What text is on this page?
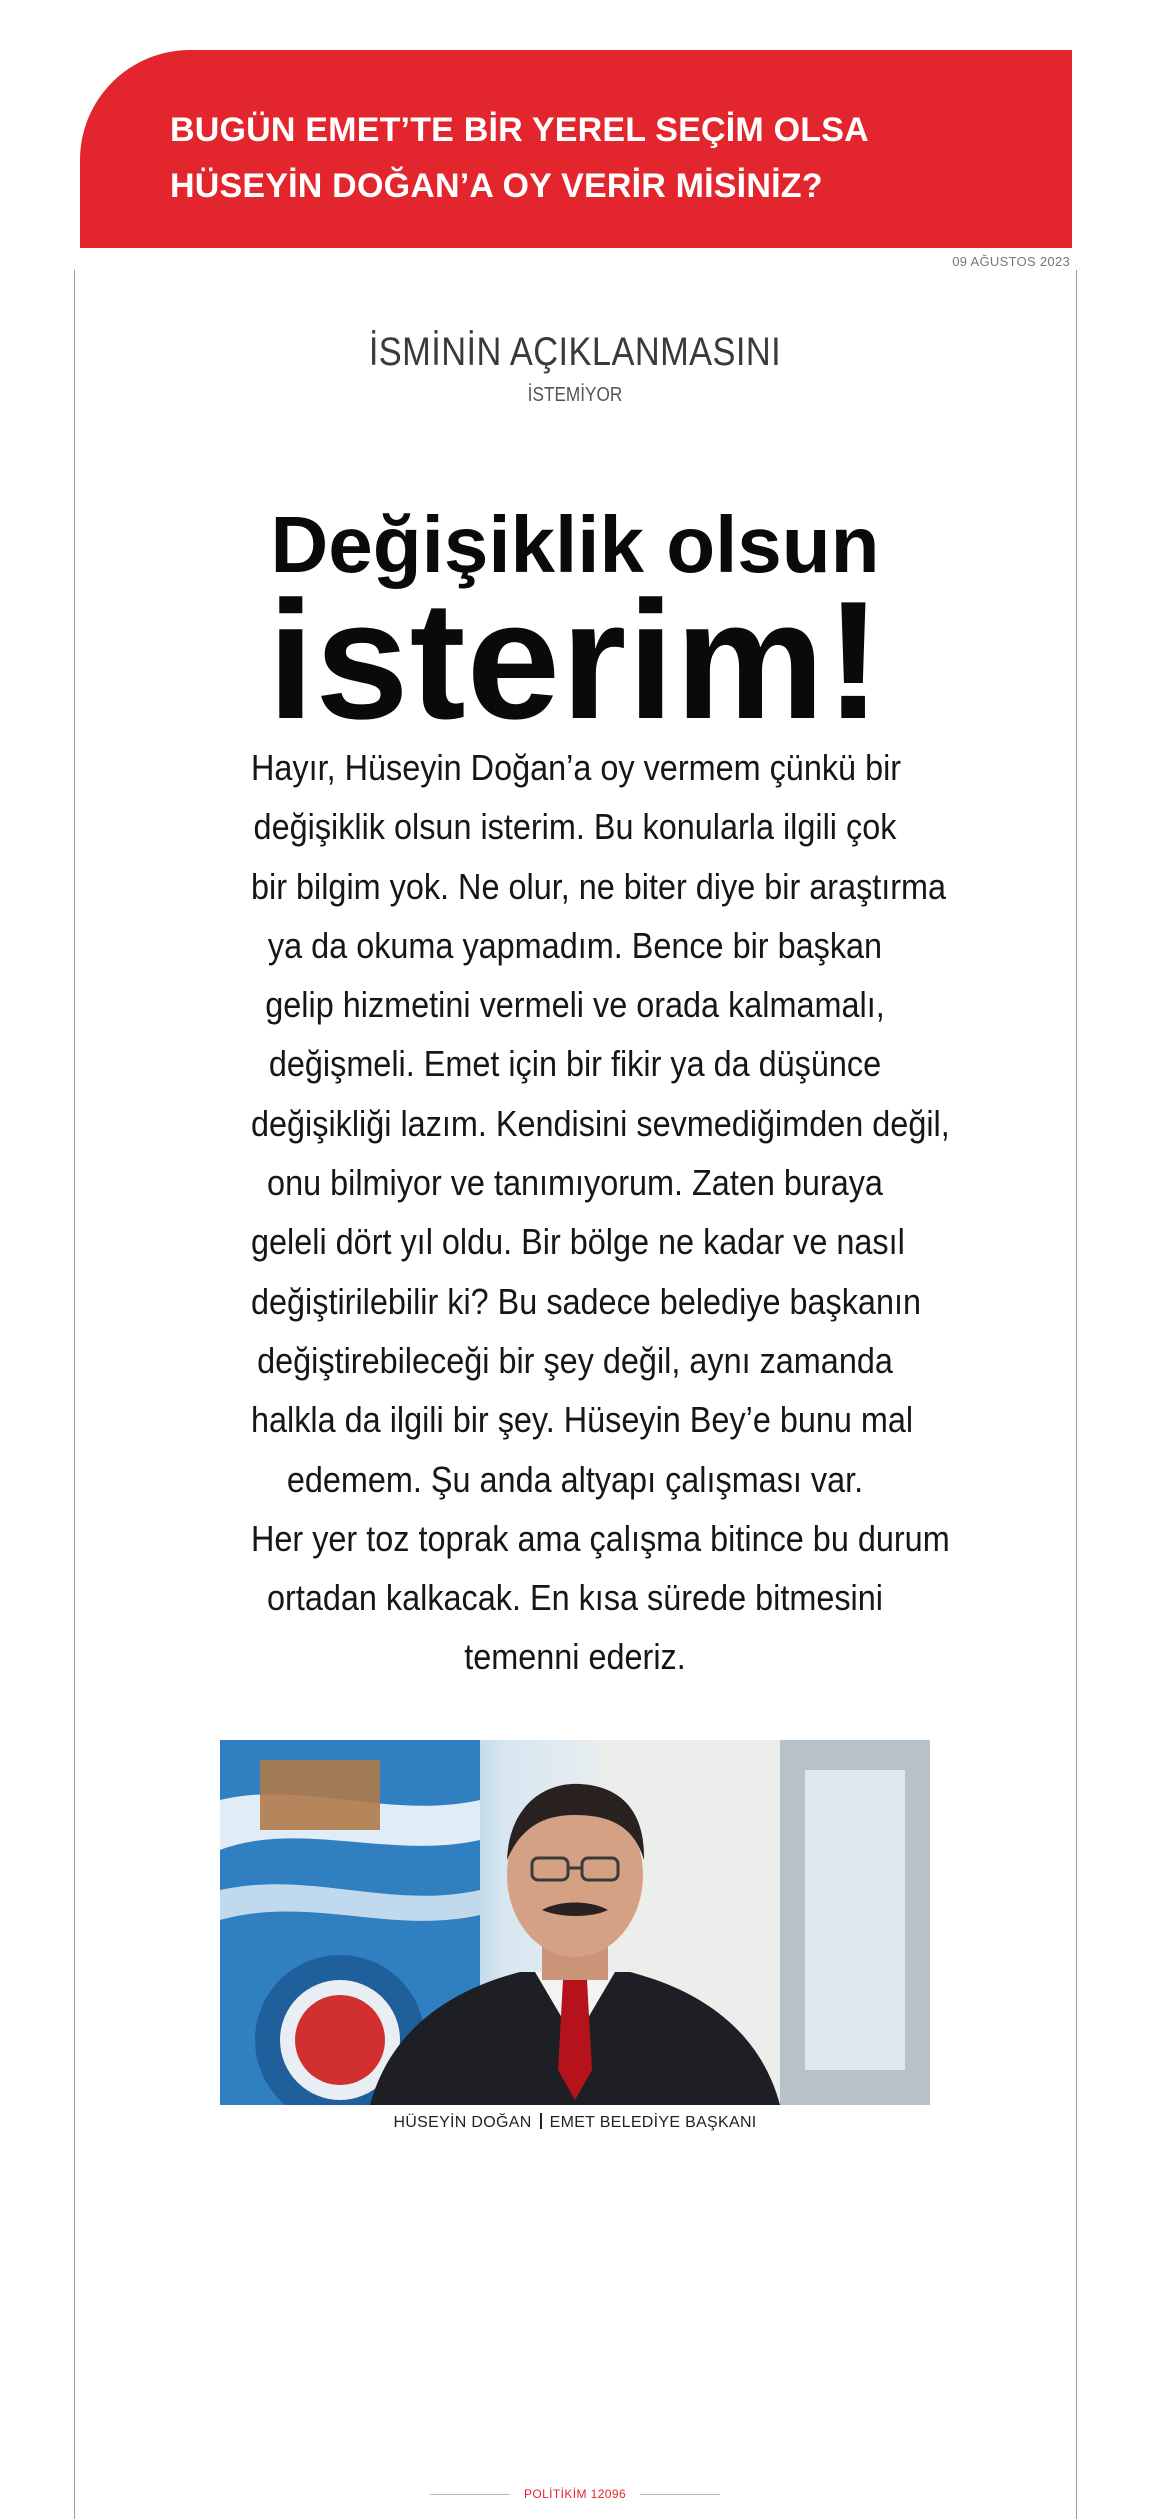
BUGÜN EMET’TE BİR YEREL SEÇİM OLSA
HÜSEYİN DOĞAN’A OY VERİR MİSİNİZ?
09 AĞUSTOS 2023
İSMİNİN AÇIKLANMASINI
İSTEMİYOR
Değişiklik olsun
isterim!

Hayır, Hüseyin Doğan’a oy vermem çünkü bir
değişiklik olsun isterim. Bu konularla ilgili çok
bir bilgim yok. Ne olur, ne biter diye bir araştırma
ya da okuma yapmadım. Bence bir başkan
gelip hizmetini vermeli ve orada kalmamalı,
değişmeli. Emet için bir fikir ya da düşünce
değişikliği lazım. Kendisini sevmediğimden değil,
onu bilmiyor ve tanımıyorum. Zaten buraya
geleli dört yıl oldu. Bir bölge ne kadar ve nasıl
değiştirilebilir ki? Bu sadece belediye başkanın
değiştirebileceği bir şey değil, aynı zamanda
halkla da ilgili bir şey. Hüseyin Bey’e bunu mal
edemem. Şu anda altyapı çalışması var.
Her yer toz toprak ama çalışma bitince bu durum
ortadan kalkacak. En kısa sürede bitmesini
temenni ederiz.

HÜSEYİN DOĞAN EMET BELEDİYE BAŞKANI
POLİTİKİM 12096
